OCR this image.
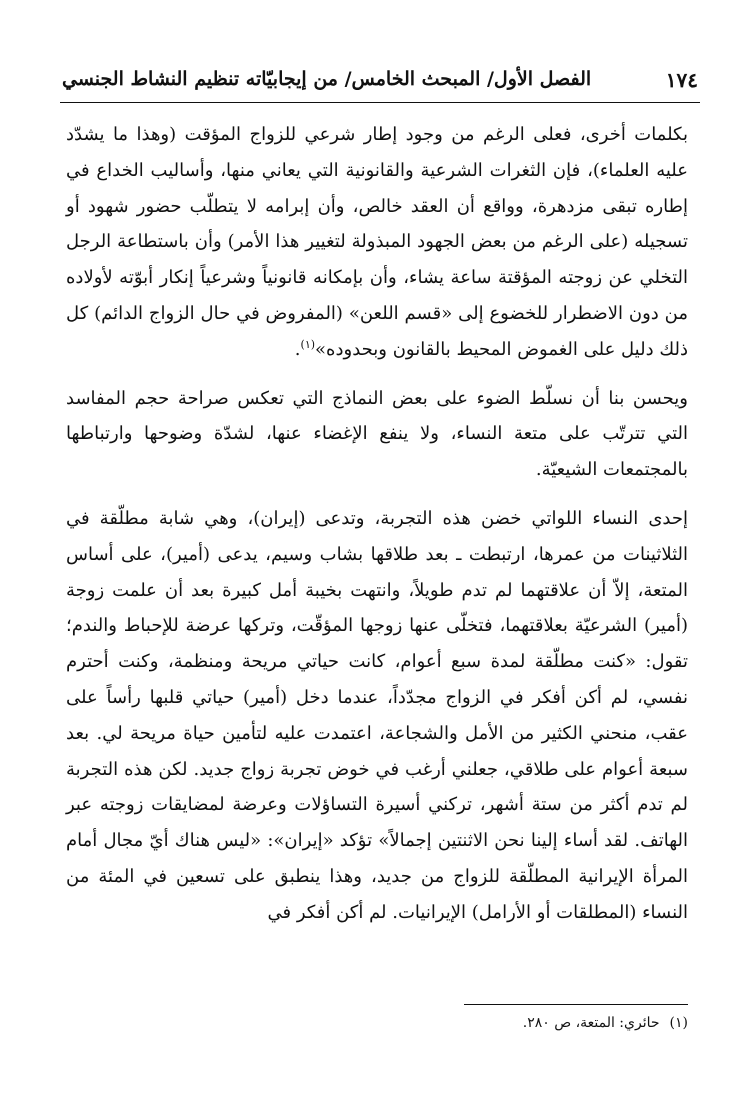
١٧٤
الفصل الأول/ المبحث الخامس/ من إيجابيّاته تنظيم النشاط الجنسي

بكلمات أخرى، فعلى الرغم من وجود إطار شرعي للزواج المؤقت (وهذا ما يشدّد عليه العلماء)، فإن الثغرات الشرعية والقانونية التي يعاني منها، وأساليب الخداع في إطاره تبقى مزدهرة، وواقع أن العقد خالص، وأن إبرامه لا يتطلّب حضور شهود أو تسجيله (على الرغم من بعض الجهود المبذولة لتغيير هذا الأمر) وأن باستطاعة الرجل التخلي عن زوجته المؤقتة ساعة يشاء، وأن بإمكانه قانونياً وشرعياً إنكار أبوّته لأولاده من دون الاضطرار للخضوع إلى «قسم اللعن» (المفروض في حال الزواج الدائم) كل ذلك دليل على الغموض المحيط بالقانون وبحدوده»$^{(١)}$.

ويحسن بنا أن نسلّط الضوء على بعض النماذج التي تعكس صراحة حجم المفاسد التي تترتّب على متعة النساء، ولا ينفع الإغضاء عنها، لشدّة وضوحها وارتباطها بالمجتمعات الشيعيّة.

إحدى النساء اللواتي خضن هذه التجربة، وتدعى (إيران)، وهي شابة مطلّقة في الثلاثينات من عمرها، ارتبطت ـ بعد طلاقها بشاب وسيم، يدعى (أمير)، على أساس المتعة، إلاّ أن علاقتهما لم تدم طويلاً، وانتهت بخيبة أمل كبيرة بعد أن علمت زوجة (أمير) الشرعيّة بعلاقتهما، فتخلّى عنها زوجها المؤقّت، وتركها عرضة للإحباط والندم؛ تقول: «كنت مطلّقة لمدة سبع أعوام، كانت حياتي مريحة ومنظمة، وكنت أحترم نفسي، لم أكن أفكر في الزواج مجدّداً، عندما دخل (أمير) حياتي قلبها رأساً على عقب، منحني الكثير من الأمل والشجاعة، اعتمدت عليه لتأمين حياة مريحة لي. بعد سبعة أعوام على طلاقي، جعلني أرغب في خوض تجربة زواج جديد. لكن هذه التجربة لم تدم أكثر من ستة أشهر، تركني أسيرة التساؤلات وعرضة لمضايقات زوجته عبر الهاتف. لقد أساء إلينا نحن الاثنتين إجمالاً» تؤكد «إيران»: «ليس هناك أيّ مجال أمام المرأة الإيرانية المطلّقة للزواج من جديد، وهذا ينطبق على تسعين في المئة من النساء (المطلقات أو الأرامل) الإيرانيات. لم أكن أفكر في

(١)حائري: المتعة، ص ٢٨٠.
